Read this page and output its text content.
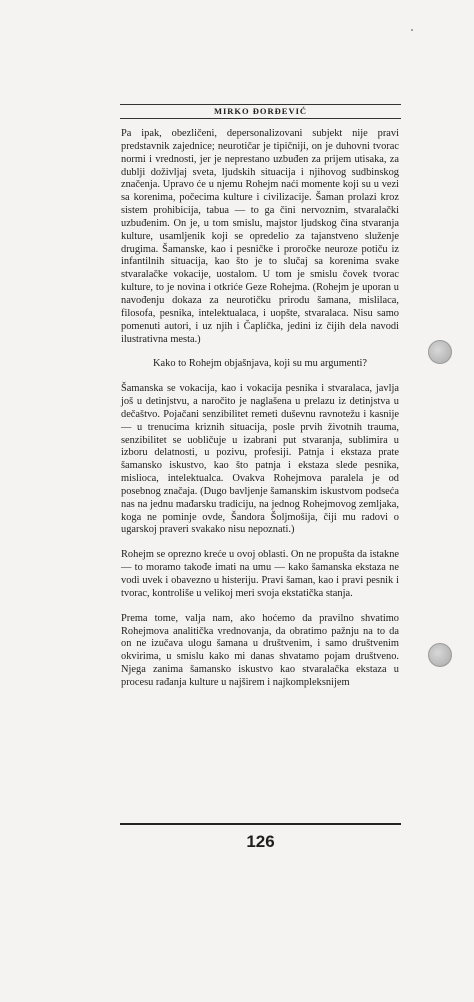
MIRKO ĐORĐEVIĆ

Pa ipak, obezličeni, depersonalizovani subjekt nije pravi predstavnik zajednice; neurotičar je tipičniji, on je duhovni tvorac normi i vrednosti, jer je neprestano uzbuđen za prijem utisaka, za dublji doživljaj sveta, ljudskih situacija i njihovog sudbinskog značenja. Upravo će u njemu Rohejm naći momente koji su u vezi sa korenima, počecima kulture i civilizacije. Šaman prolazi kroz sistem prohibicija, tabua — to ga čini nervoznim, stvaralački uzbuđenim. On je, u tom smislu, majstor ljudskog čina stvaranja kulture, usamljenik koji se opredelio za tajanstveno služenje drugima. Šamanske, kao i pesničke i proročke neuroze potiču iz infantilnih situacija, kao što je to slučaj sa korenima svake stvaralačke vokacije, uostalom. U tom je smislu čovek tvorac kulture, to je novina i otkriće Geze Rohejma. (Rohejm je uporan u navođenju dokaza za neurotičku prirodu šamana, mislilaca, filosofa, pesnika, intelektualaca, i uopšte, stvaralaca. Nisu samo pomenuti autori, i uz njih i Čaplička, jedini iz čijih dela navodi ilustrativna mesta.)

Kako to Rohejm objašnjava, koji su mu argumenti?

Šamanska se vokacija, kao i vokacija pesnika i stvaralaca, javlja još u detinjstvu, a naročito je naglašena u prelazu iz detinjstva u dečaštvo. Pojačani senzibilitet remeti duševnu ravnotežu i kasnije — u trenucima kriznih situacija, posle prvih životnih trauma, senzibilitet se uobličuje u izabrani put stvaranja, sublimira u izboru delatnosti, u pozivu, profesiji. Patnja i ekstaza prate šamansko iskustvo, kao što patnja i ekstaza slede pesnika, mislioca, intelektualca. Ovakva Rohejmova paralela je od posebnog značaja. (Dugo bavljenje šamanskim iskustvom podseća nas na jednu mađarsku tradiciju, na jednog Rohejmovog zemljaka, koga ne pominje ovde, Šandora Šoljmošija, čiji mu radovi o ugarskoj praveri svakako nisu nepoznati.)

Rohejm se oprezno kreće u ovoj oblasti. On ne propušta da istakne — to moramo takođe imati na umu — kako šamanska ekstaza ne vodi uvek i obavezno u histeriju. Pravi šaman, kao i pravi pesnik i tvorac, kontroliše u velikoj meri svoja ekstatička stanja.

Prema tome, valja nam, ako hoćemo da pravilno shvatimo Rohejmova analitička vrednovanja, da obratimo pažnju na to da on ne izučava ulogu šamana u društvenim, i samo društvenim okvirima, u smislu kako mi danas shvatamo pojam društveno. Njega zanima šamansko iskustvo kao stvaralačka ekstaza u procesu rađanja kulture u najširem i najkompleksnijem

126
